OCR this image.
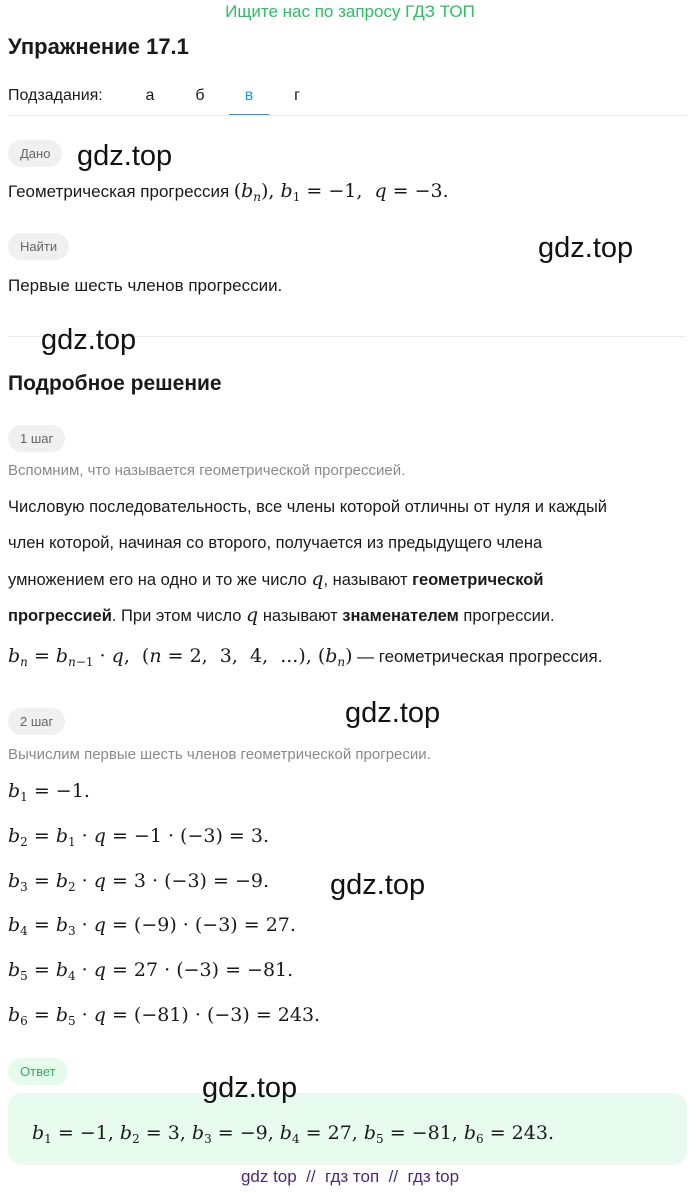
Ищите нас по запросу ГДЗ ТОП
Упражнение 17.1
Подзадания:	а	б	в	г
Дано
Геометрическая прогрессия $(b_n)$, $b_1 = -1$,  q = −3.
Найти
Первые шесть членов прогрессии.
Подробное решение
1 шаг
Вспомним, что называется геометрической прогрессией.
Числовую последовательность, все члены которой отличны от нуля и каждый
член которой, начиная со второго, получается из предыдущего члена
умножением его на одно и то же число q, называют геометрической
прогрессией. При этом число q называют знаменателем прогрессии.
$b_n = b_{n-1} \cdot q$,  (n = 2,  3,  4,  ...), $(b_n)$ — геометрическая прогрессия.
2 шаг
Вычислим первые шесть членов геометрической прогреcии.
$b_1 = -1$.
$b_2 = b_1 \cdot q = -1 \cdot (-3) = 3$.
$b_3 = b_2 \cdot q = 3 \cdot (-3) = -9$.
$b_4 = b_3 \cdot q = (-9) \cdot (-3) = 27$.
$b_5 = b_4 \cdot q = 27 \cdot (-3) = -81$.
$b_6 = b_5 \cdot q = (-81) \cdot (-3) = 243$.
Ответ
$b_1 = -1$, $b_2 = 3$, $b_3 = -9$, $b_4 = 27$, $b_5 = -81$, $b_6 = 243$.
gdz.top
gdz.top
gdz.top
gdz.top
gdz.top
gdz.top
gdz top  //  гдз топ  //  гдз top
